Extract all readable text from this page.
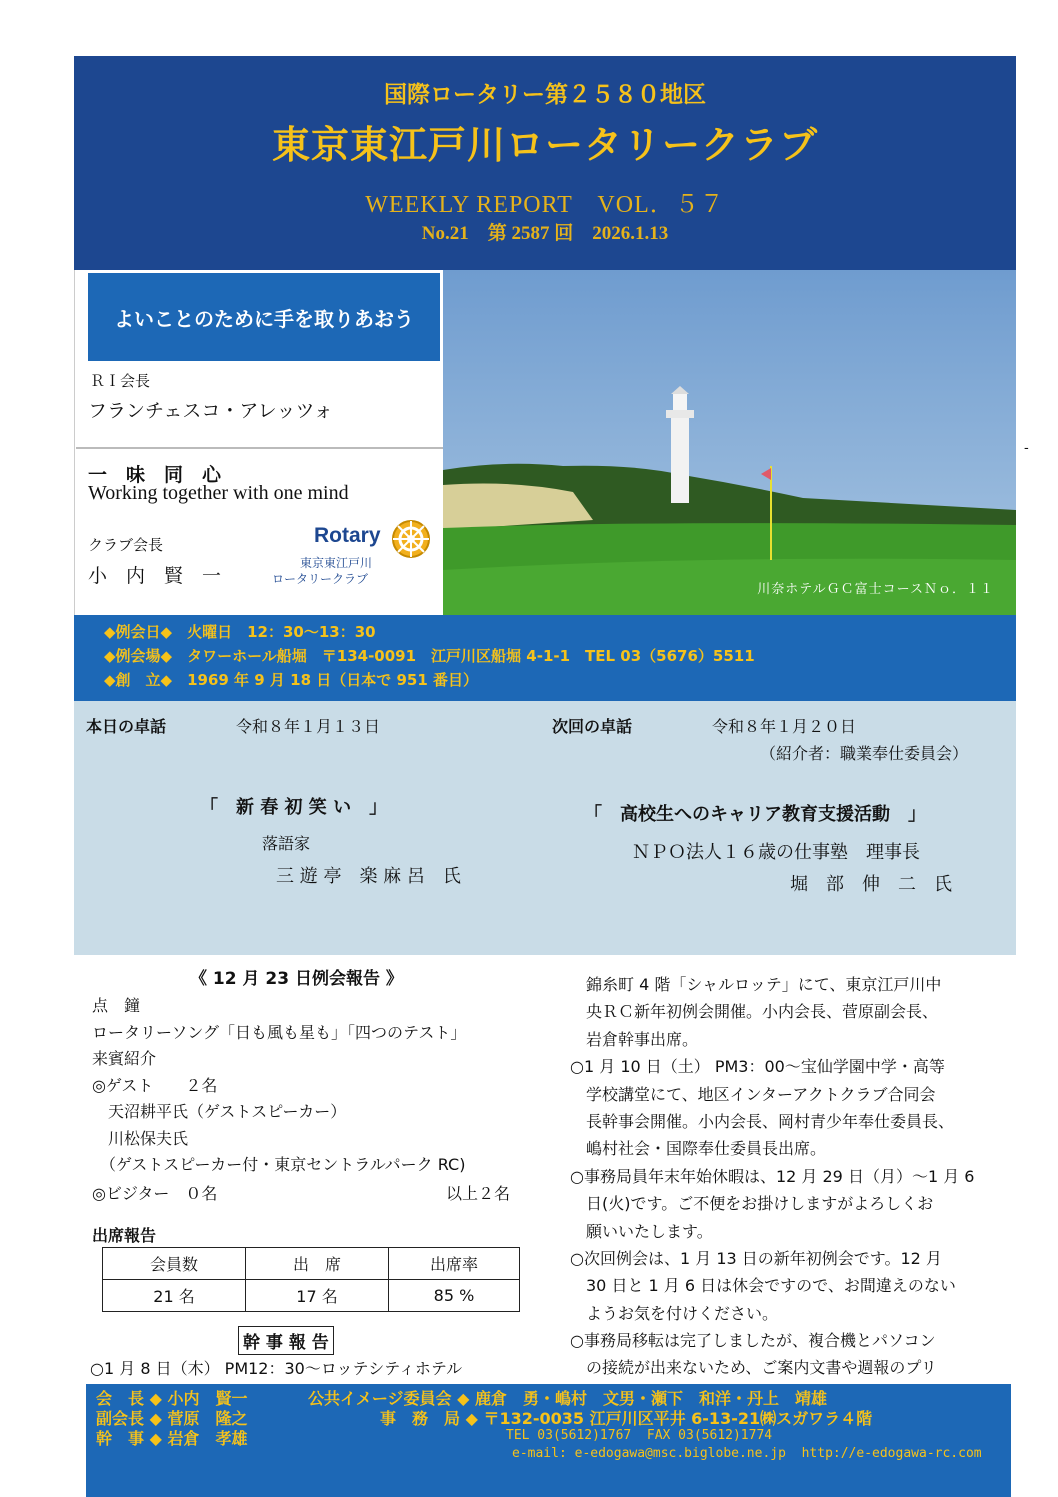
国際ロータリー第２５８０地区
東京東江戸川ロータリークラブ
WEEKLY REPORT　VOL．５７
No.21　第 2587 回　2026.1.13
よいことのために手を取りあおう
ＲＩ会長
フランチェスコ・アレッツォ
一　味　同　心
Working together with one mind
クラブ会長
小　内　賢　一
Rotary
東京東江戸川
ロータリークラブ
川奈ホテルＧＣ富士コースＮｏ．１１
-
◆例会日◆　火曜日　12：30～13：30
◆例会場◆　タワーホール船堀　〒134-0091　江戸川区船堀 4-1-1　TEL 03（5676）5511
◆創　立◆　1969 年 9 月 18 日（日本で 951 番目）
本日の卓話	令和８年１月１３日
「　新 春 初 笑 い　」
落語家
三 遊 亭　楽 麻 呂　氏
次回の卓話	令和８年１月２０日
（紹介者：職業奉仕委員会）
「　高校生へのキャリア教育支援活動　」
ＮＰＯ法人１６歳の仕事塾　理事長
堀　部　伸　二　氏
《 12 月 23 日例会報告 》
点　鐘
ロータリーソング「日も風も星も」「四つのテスト」
来賓紹介
◎ゲスト　　２名
　天沼耕平氏（ゲストスピーカー）
　川松保夫氏
　（ゲストスピーカー付・東京セントラルパーク RC)
◎ビジター　０名	以上２名
出席報告
会員数	出　席	出席率
21 名	17 名	85 %
幹 事 報 告
○1 月 8 日（木） PM12：30～ロッテシティホテル
　錦糸町 4 階「シャルロッテ」にて、東京江戸川中
　央ＲＣ新年初例会開催。小内会長、菅原副会長、
　岩倉幹事出席。
○1 月 10 日（土） PM3：00～宝仙学園中学・高等
　学校講堂にて、地区インターアクトクラブ合同会
　長幹事会開催。小内会長、岡村青少年奉仕委員長、
　嶋村社会・国際奉仕委員長出席。
○事務局員年末年始休暇は、12 月 29 日（月）～1 月 6
　日(火)です。ご不便をお掛けしますがよろしくお
　願いいたします。
○次回例会は、1 月 13 日の新年初例会です。12 月
　30 日と 1 月 6 日は休会ですので、お間違えのない
　ようお気を付けください。
○事務局移転は完了しましたが、複合機とパソコン
　の接続が出来ないため、ご案内文書や週報のプリ
会　長 ◆ 小内　賢一
副会長 ◆ 菅原　隆之
幹　事 ◆ 岩倉　孝雄
公共イメージ委員会 ◆ 鹿倉　勇・嶋村　文男・瀬下　和洋・丹上　靖雄
事　務　局 ◆ 〒132-0035 江戸川区平井 6-13-21㈱スガワラ４階
TEL 03(5612)1767  FAX 03(5612)1774
e-mail: e-edogawa@msc.biglobe.ne.jp  http://e-edogawa-rc.com
